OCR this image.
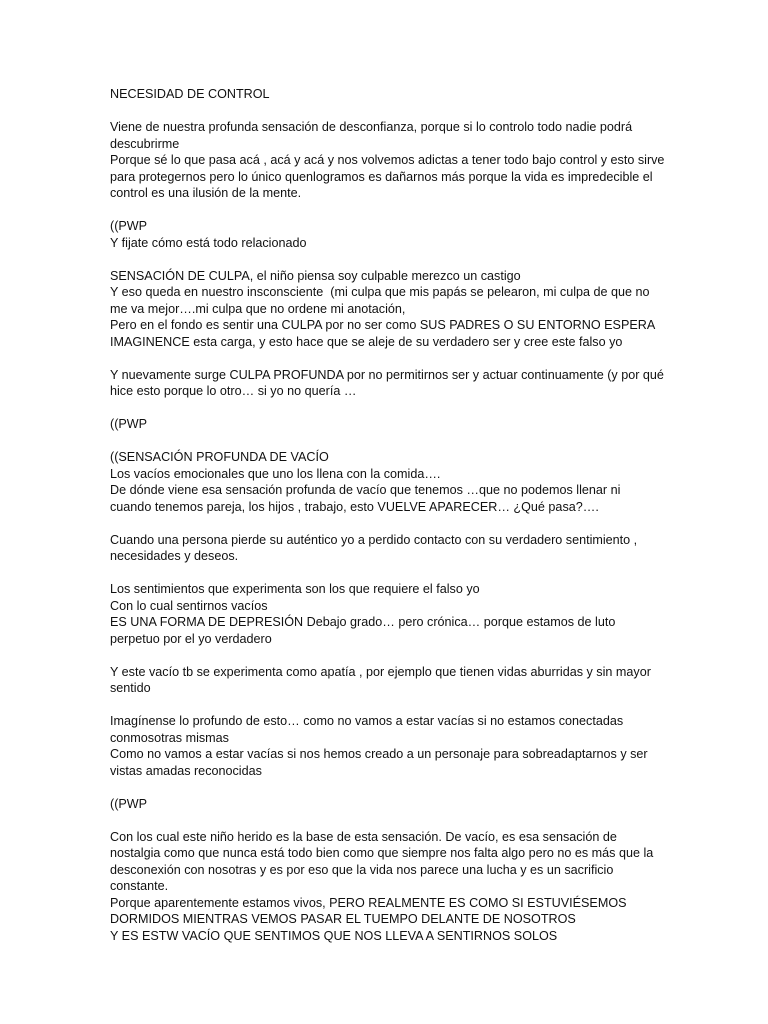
NECESIDAD DE CONTROL
Viene de nuestra profunda sensación de desconfianza, porque si lo controlo todo nadie podrá descubrirme
Porque sé lo que pasa acá , acá y acá y nos volvemos adictas a tener todo bajo control y esto sirve para protegernos pero lo único quenlogramos es dañarnos más porque la vida es impredecible el control es una ilusión de la mente.
((PWP
Y fijate cómo está todo relacionado
SENSACIÓN DE CULPA, el niño piensa soy culpable merezco un castigo
Y eso queda en nuestro insconsciente  (mi culpa que mis papás se pelearon, mi culpa de que no me va mejor….mi culpa que no ordene mi anotación,
Pero en el fondo es sentir una CULPA por no ser como SUS PADRES O SU ENTORNO ESPERA IMAGINENCE esta carga, y esto hace que se aleje de su verdadero ser y cree este falso yo
Y nuevamente surge CULPA PROFUNDA por no permitirnos ser y actuar continuamente (y por qué hice esto porque lo otro… si yo no quería …
((PWP
((SENSACIÓN PROFUNDA DE VACÍO
Los vacíos emocionales que uno los llena con la comida….
De dónde viene esa sensación profunda de vacío que tenemos …que no podemos llenar ni cuando tenemos pareja, los hijos , trabajo, esto VUELVE APARECER… ¿Qué pasa?….
Cuando una persona pierde su auténtico yo a perdido contacto con su verdadero sentimiento , necesidades y deseos.
Los sentimientos que experimenta son los que requiere el falso yo
Con lo cual sentirnos vacíos
ES UNA FORMA DE DEPRESIÓN Debajo grado… pero crónica… porque estamos de luto perpetuo por el yo verdadero
Y este vacío tb se experimenta como apatía , por ejemplo que tienen vidas aburridas y sin mayor sentido
Imagínense lo profundo de esto… como no vamos a estar vacías si no estamos conectadas conmosotras mismas
Como no vamos a estar vacías si nos hemos creado a un personaje para sobreadaptarnos y ser vistas amadas reconocidas
((PWP
Con los cual este niño herido es la base de esta sensación. De vacío, es esa sensación de nostalgia como que nunca está todo bien como que siempre nos falta algo pero no es más que la desconexión con nosotras y es por eso que la vida nos parece una lucha y es un sacrificio constante.
Porque aparentemente estamos vivos, PERO REALMENTE ES COMO SI ESTUVIÉSEMOS DORMIDOS MIENTRAS VEMOS PASAR EL TUEMPO DELANTE DE NOSOTROS
Y ES ESTW VACÍO QUE SENTIMOS QUE NOS LLEVA A SENTIRNOS SOLOS
